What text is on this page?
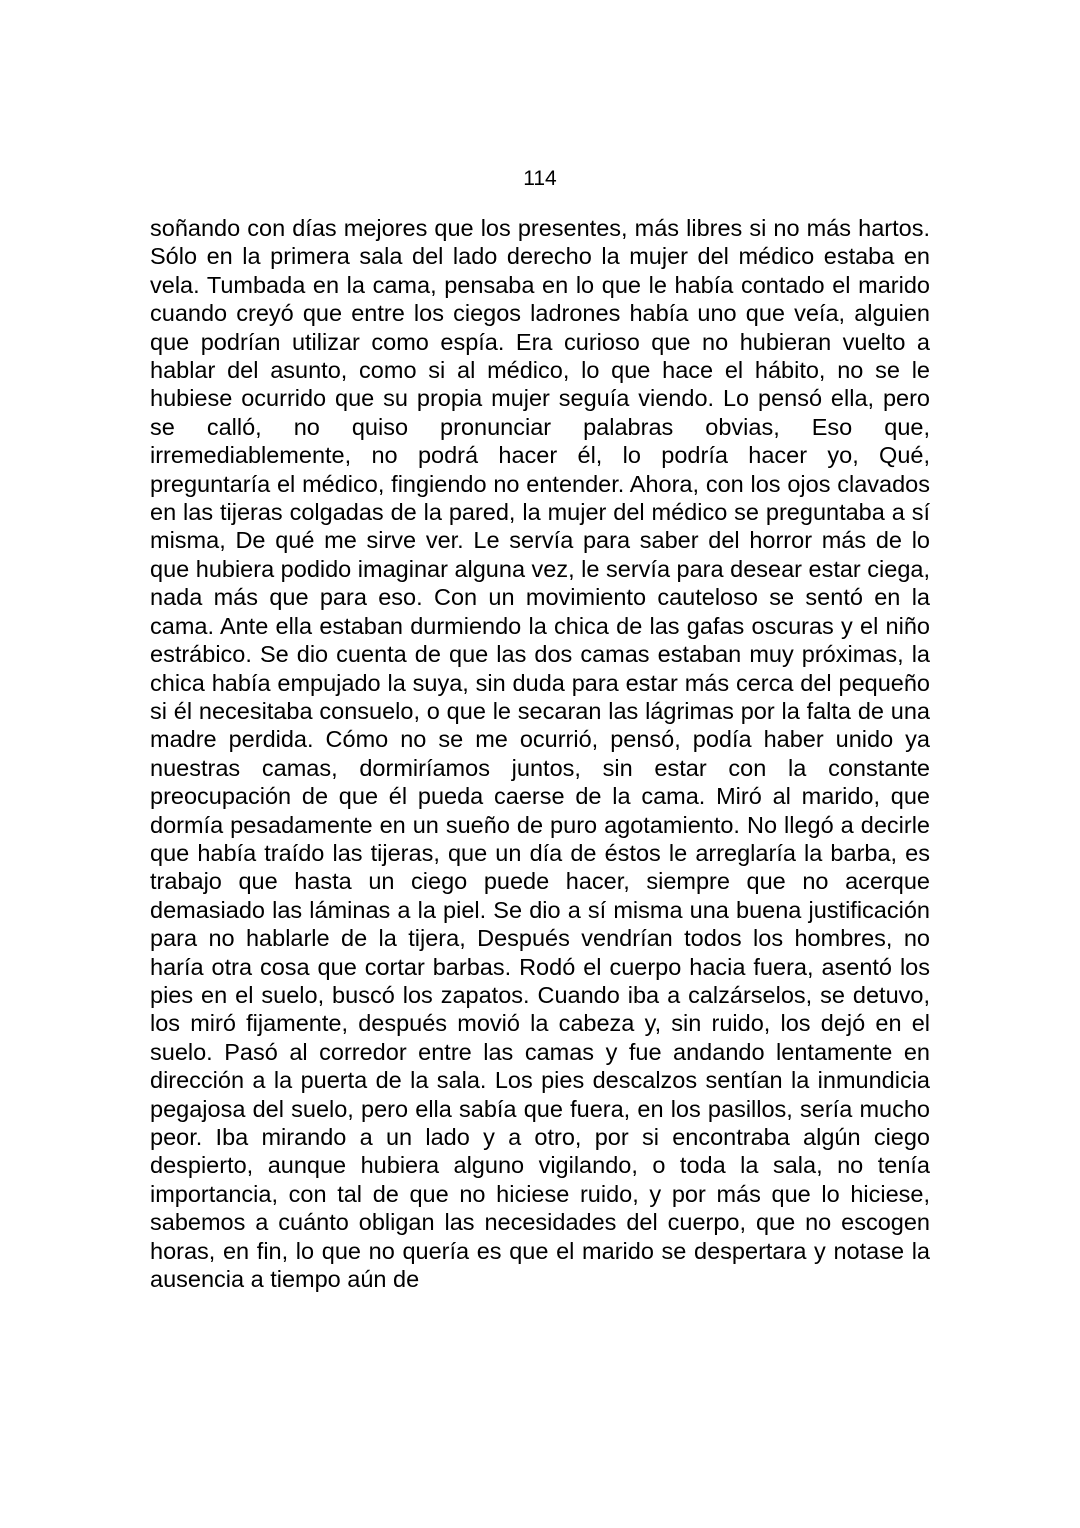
114

soñando con días mejores que los presentes, más libres si no más hartos. Sólo en la primera sala del lado derecho la mujer del médico estaba en vela. Tumbada en la cama, pensaba en lo que le había contado el marido cuando creyó que entre los ciegos ladrones había uno que veía, alguien que podrían utilizar como espía. Era curioso que no hubieran vuelto a hablar del asunto, como si al médico, lo que hace el hábito, no se le hubiese ocurrido que su propia mujer seguía viendo. Lo pensó ella, pero se calló, no quiso pronunciar palabras obvias, Eso que, irremediablemente, no podrá hacer él, lo podría hacer yo, Qué, preguntaría el médico, fingiendo no entender. Ahora, con los ojos clavados en las tijeras colgadas de la pared, la mujer del médico se preguntaba a sí misma, De qué me sirve ver. Le servía para saber del horror más de lo que hubiera podido imaginar alguna vez, le servía para desear estar ciega, nada más que para eso. Con un movimiento cauteloso se sentó en la cama. Ante ella estaban durmiendo la chica de las gafas oscuras y el niño estrábico. Se dio cuenta de que las dos camas estaban muy próximas, la chica había empujado la suya, sin duda para estar más cerca del pequeño si él necesitaba consuelo, o que le secaran las lágrimas por la falta de una madre perdida. Cómo no se me ocurrió, pensó, podía haber unido ya nuestras camas, dormiríamos juntos, sin estar con la constante preocupación de que él pueda caerse de la cama. Miró al marido, que dormía pesadamente en un sueño de puro agotamiento. No llegó a decirle que había traído las tijeras, que un día de éstos le arreglaría la barba, es trabajo que hasta un ciego puede hacer, siempre que no acerque demasiado las láminas a la piel. Se dio a sí misma una buena justificación para no hablarle de la tijera, Después vendrían todos los hombres, no haría otra cosa que cortar barbas. Rodó el cuerpo hacia fuera, asentó los pies en el suelo, buscó los zapatos. Cuando iba a calzárselos, se detuvo, los miró fijamente, después movió la cabeza y, sin ruido, los dejó en el suelo. Pasó al corredor entre las camas y fue andando lentamente en dirección a la puerta de la sala. Los pies descalzos sentían la inmundicia pegajosa del suelo, pero ella sabía que fuera, en los pasillos, sería mucho peor. Iba mirando a un lado y a otro, por si encontraba algún ciego despierto, aunque hubiera alguno vigilando, o toda la sala, no tenía importancia, con tal de que no hiciese ruido, y por más que lo hiciese, sabemos a cuánto obligan las necesidades del cuerpo, que no escogen horas, en fin, lo que no quería es que el marido se despertara y notase la ausencia a tiempo aún de
